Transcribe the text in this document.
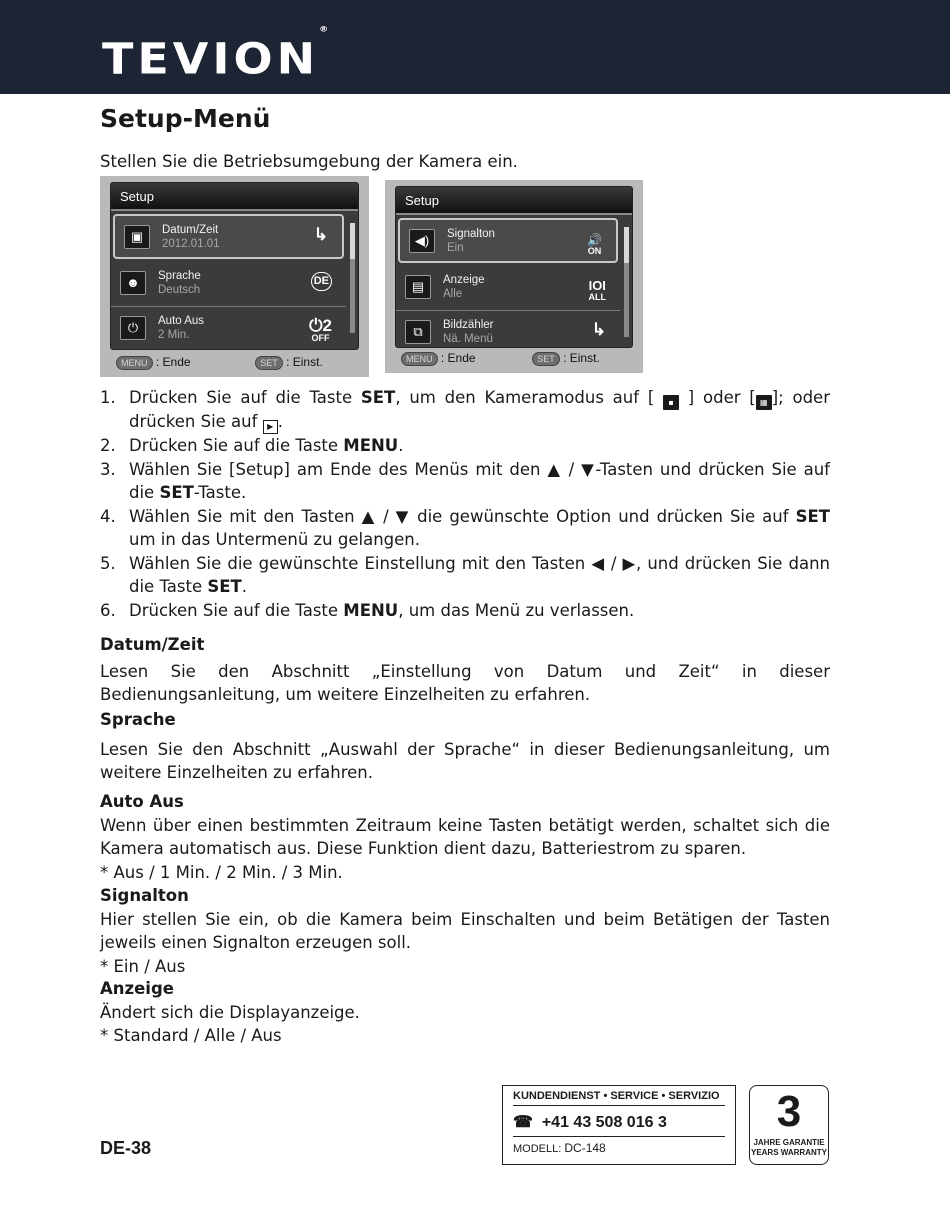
TEVION®
Setup-Menü

Stellen Sie die Betriebsumgebung der Kamera ein.

Setup
▣	Datum/Zeit
2012.01.01	↳
☻	Sprache
Deutsch
DE
⏻	Auto Aus
2 Min.	⏻2
OFF
MENU : Ende	SET : Einst.
Setup
◀)	Signalton
Ein
🔊
ON
▤	Anzeige
Alle
IOI
ALL
⧉	Bildzähler
Nä. Menü	↳
MENU : Ende	SET : Einst.
1. Drücken Sie auf die Taste SET, um den Kameramodus auf [ ▪ ] oder [ ▦ ]; oder drücken Sie auf ▶ .
2. Drücken Sie auf die Taste MENU.
3. Wählen Sie [Setup] am Ende des Menüs mit den ▲ / ▼-Tasten und drücken Sie auf die SET-Taste.
4. Wählen Sie mit den Tasten ▲ / ▼ die gewünschte Option und drücken Sie auf SET um in das Untermenü zu gelangen.
5. Wählen Sie die gewünschte Einstellung mit den Tasten ◀ / ▶, und drücken Sie dann die Taste SET.
6. Drücken Sie auf die Taste MENU, um das Menü zu verlassen.
Datum/Zeit

Lesen Sie den Abschnitt „Einstellung von Datum und Zeit“ in dieser Bedienungsanleitung, um weitere Einzelheiten zu erfahren.

Sprache

Lesen Sie den Abschnitt „Auswahl der Sprache“ in dieser Bedienungsanleitung, um weitere Einzelheiten zu erfahren.

Auto Aus

Wenn über einen bestimmten Zeitraum keine Tasten betätigt werden, schaltet sich die Kamera automatisch aus. Diese Funktion dient dazu, Batteriestrom zu sparen.

* Aus / 1 Min. / 2 Min. / 3 Min.

Signalton

Hier stellen Sie ein, ob die Kamera beim Einschalten und beim Betätigen der Tasten jeweils einen Signalton erzeugen soll.

* Ein / Aus

Anzeige

Ändert sich die Displayanzeige.

* Standard / Alle / Aus

DE-38
KUNDENDIENST • SERVICE • SERVIZIO
☎ +41 43 508 016 3
MODELL: DC-148
3
JAHRE GARANTIE
YEARS WARRANTY
